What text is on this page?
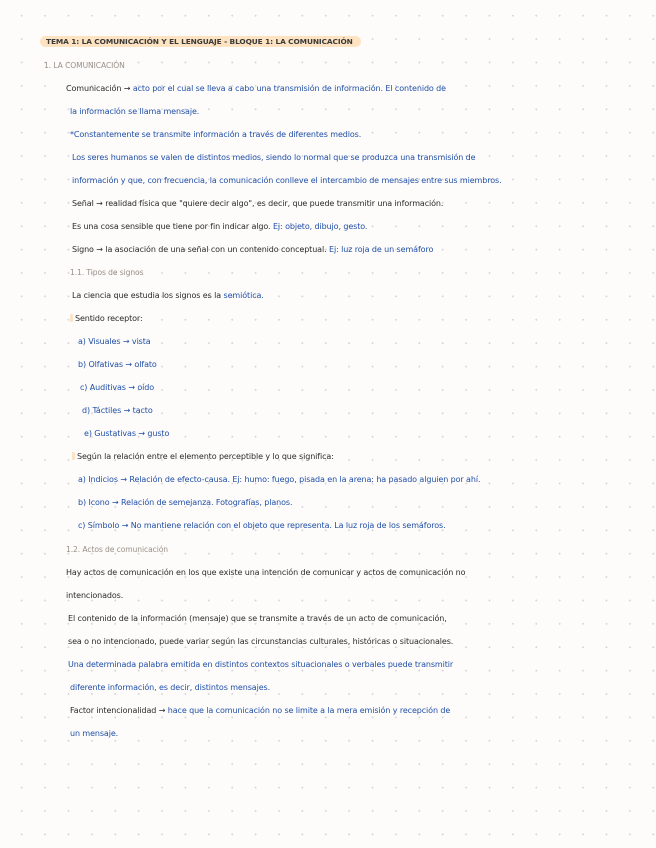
TEMA 1: LA COMUNICACIÓN Y EL LENGUAJE - BLOQUE 1: LA COMUNICACIÓN
1. LA COMUNICACIÓN
Comunicación → acto por el cual se lleva a cabo una transmisión de información. El contenido de
la información se llama mensaje.
*Constantemente se transmite información a través de diferentes medios.
Los seres humanos se valen de distintos medios, siendo lo normal que se produzca una transmisión de
información y que, con frecuencia, la comunicación conlleve el intercambio de mensajes entre sus miembros.
Señal → realidad física que "quiere decir algo", es decir, que puede transmitir una información.
Es una cosa sensible que tiene por fin indicar algo. Ej: objeto, dibujo, gesto.
Signo → la asociación de una señal con un contenido conceptual. Ej: luz roja de un semáforo
1.1. Tipos de signos
La ciencia que estudia los signos es la semiótica.
Sentido receptor:
a) Visuales → vista
b) Olfativas → olfato
c) Auditivas → oído
d) Táctiles → tacto
e) Gustativas → gusto
Según la relación entre el elemento perceptible y lo que significa:
a) Indicios → Relación de efecto-causa. Ej: humo: fuego, pisada en la arena: ha pasado alguien por ahí.
b) Icono → Relación de semejanza. Fotografías, planos.
c) Símbolo → No mantiene relación con el objeto que representa. La luz roja de los semáforos.
1.2. Actos de comunicación
Hay actos de comunicación en los que existe una intención de comunicar y actos de comunicación no
intencionados.
El contenido de la información (mensaje) que se transmite a través de un acto de comunicación,
sea o no intencionado, puede variar según las circunstancias culturales, históricas o situacionales.
Una determinada palabra emitida en distintos contextos situacionales o verbales puede transmitir
diferente información, es decir, distintos mensajes.
Factor intencionalidad → hace que la comunicación no se limite a la mera emisión y recepción de
un mensaje.
